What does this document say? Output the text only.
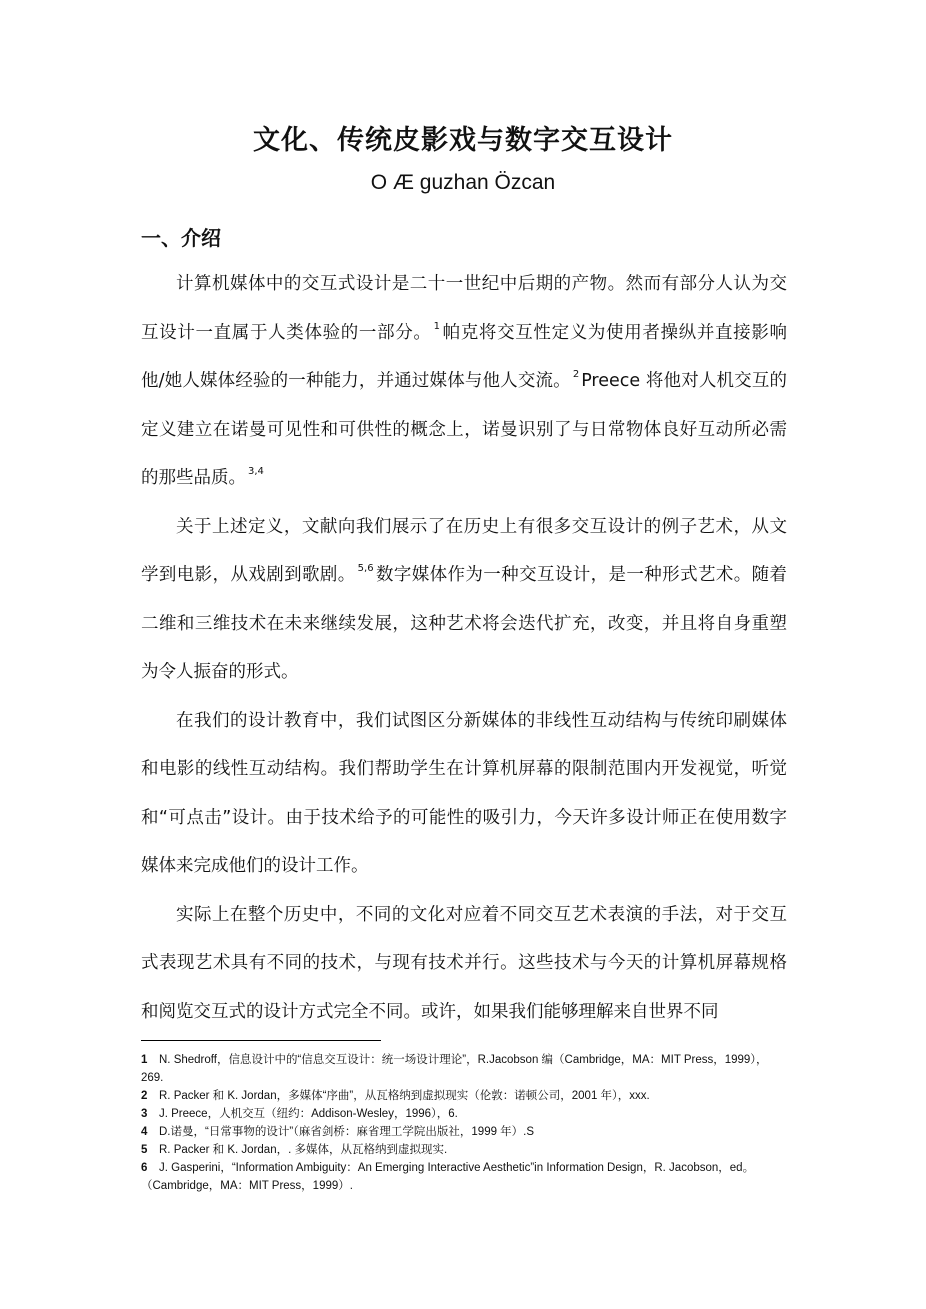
文化、传统皮影戏与数字交互设计
O Æ guzhan Özcan
一、介绍

计算机媒体中的交互式设计是二十一世纪中后期的产物。然而有部分人认为交互设计一直属于人类体验的一部分。 $^1$ 帕克将交互性定义为使用者操纵并直接影响他/她人媒体经验的一种能力，并通过媒体与他人交流。 $^2$ Preece 将他对人机交互的定义建立在诺曼可见性和可供性的概念上，诺曼识别了与日常物体良好互动所必需的那些品质。 $^{3,4}$

关于上述定义，文献向我们展示了在历史上有很多交互设计的例子艺术，从文学到电影，从戏剧到歌剧。 $^{5,6}$ 数字媒体作为一种交互设计，是一种形式艺术。随着二维和三维技术在未来继续发展，这种艺术将会迭代扩充，改变，并且将自身重塑为令人振奋的形式。

在我们的设计教育中，我们试图区分新媒体的非线性互动结构与传统印刷媒体和电影的线性互动结构。我们帮助学生在计算机屏幕的限制范围内开发视觉，听觉和“可点击”设计。由于技术给予的可能性的吸引力，今天许多设计师正在使用数字媒体来完成他们的设计工作。

实际上在整个历史中，不同的文化对应着不同交互艺术表演的手法，对于交互式表现艺术具有不同的技术，与现有技术并行。这些技术与今天的计算机屏幕规格和阅览交互式的设计方式完全不同。或许，如果我们能够理解来自世界不同

1 N. Shedroff，信息设计中的“信息交互设计：统一场设计理论”，R.Jacobson 编（Cambridge，MA：MIT Press，1999），269.

2 R. Packer 和 K. Jordan，多媒体“序曲”，从瓦格纳到虚拟现实（伦敦：诺顿公司，2001 年），xxx.

3 J. Preece，人机交互（纽约：Addison-Wesley，1996），6.

4 D.诺曼，“日常事物的设计”（麻省剑桥：麻省理工学院出版社，1999 年）.S

5 R. Packer 和 K. Jordan，. 多媒体，从瓦格纳到虚拟现实.

6 J. Gasperini，“Information Ambiguity：An Emerging Interactive Aesthetic”in Information Design，R. Jacobson，ed。（Cambridge，MA：MIT Press，1999）.
